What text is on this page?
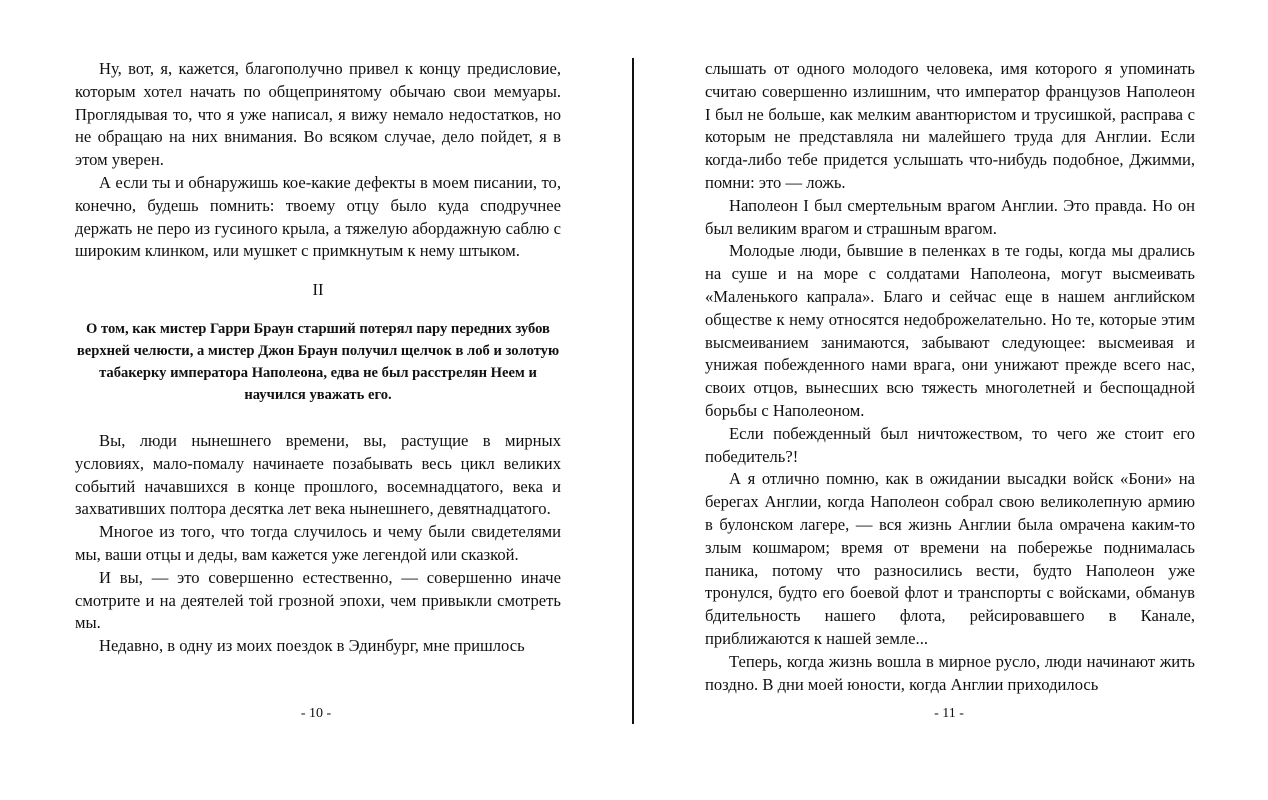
Ну, вот, я, кажется, благополучно привел к концу предисловие, которым хотел начать по общепринятому обычаю свои мемуары. Проглядывая то, что я уже написал, я вижу немало недостатков, но не обращаю на них внимания. Во всяком случае, дело пойдет, я в этом уверен.

А если ты и обнаружишь кое-какие дефекты в моем писании, то, конечно, будешь помнить: твоему отцу было куда сподручнее держать не перо из гусиного крыла, а тяжелую абордажную саблю с широким клинком, или мушкет с примкнутым к нему штыком.

II
О том, как мистер Гарри Браун старший потерял пару передних зубов верхней челюсти, а мистер Джон Браун получил щелчок в лоб и золотую табакерку императора Наполеона, едва не был расстрелян Неем и научился уважать его.

Вы, люди нынешнего времени, вы, растущие в мирных условиях, мало-помалу начинаете позабывать весь цикл великих событий начавшихся в конце прошлого, восемнадцатого, века и захвативших полтора десятка лет века нынешнего, девятнадцатого.

Многое из того, что тогда случилось и чему были свидетелями мы, ваши отцы и деды, вам кажется уже легендой или сказкой.

И вы, — это совершенно естественно, — совершенно иначе смотрите и на деятелей той грозной эпохи, чем привыкли смотреть мы.

Недавно, в одну из моих поездок в Эдинбург, мне пришлось

слышать от одного молодого человека, имя которого я упоминать считаю совершенно излишним, что император французов Наполеон I был не больше, как мелким авантюристом и трусишкой, расправа с которым не представляла ни малейшего труда для Англии. Если когда-либо тебе придется услышать что-нибудь подобное, Джимми, помни: это — ложь.

Наполеон I был смертельным врагом Англии. Это правда. Но он был великим врагом и страшным врагом.

Молодые люди, бывшие в пеленках в те годы, когда мы дрались на суше и на море с солдатами Наполеона, могут высмеивать «Маленького капрала». Благо и сейчас еще в нашем английском обществе к нему относятся недоброжелательно. Но те, которые этим высмеиванием занимаются, забывают следующее: высмеивая и унижая побежденного нами врага, они унижают прежде всего нас, своих отцов, вынесших всю тяжесть многолетней и беспощадной борьбы с Наполеоном.

Если побежденный был ничтожеством, то чего же стоит его победитель?!

А я отлично помню, как в ожидании высадки войск «Бони» на берегах Англии, когда Наполеон собрал свою великолепную армию в булонском лагере, — вся жизнь Англии была омрачена каким-то злым кошмаром; время от времени на побережье поднималась паника, потому что разносились вести, будто Наполеон уже тронулся, будто его боевой флот и транспорты с войсками, обманув бдительность нашего флота, рейсировавшего в Канале, приближаются к нашей земле...

Теперь, когда жизнь вошла в мирное русло, люди начинают жить поздно. В дни моей юности, когда Англии приходилось

- 10 -	- 11 -
